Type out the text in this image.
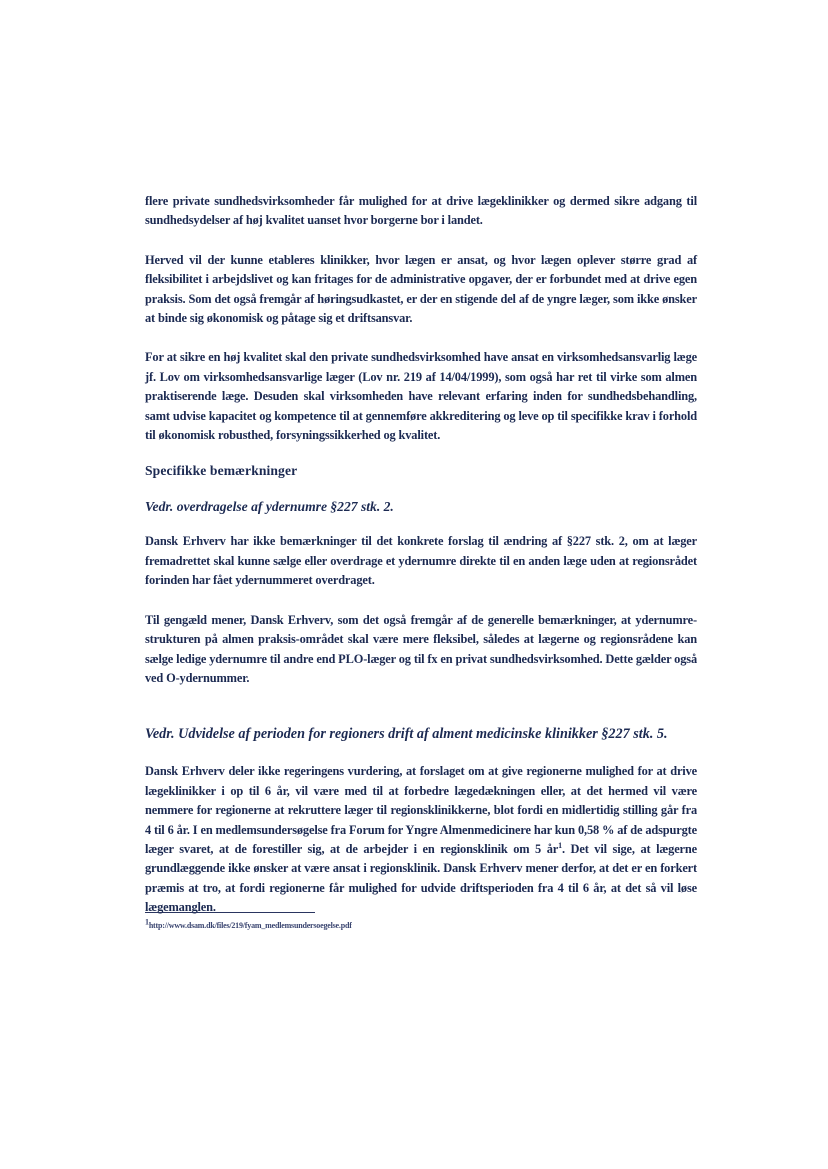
flere private sundhedsvirksomheder får mulighed for at drive lægeklinikker og dermed sikre adgang til sundhedsydelser af høj kvalitet uanset hvor borgerne bor i landet.

Herved vil der kunne etableres klinikker, hvor lægen er ansat, og hvor lægen oplever større grad af fleksibilitet i arbejdslivet og kan fritages for de administrative opgaver, der er forbundet med at drive egen praksis. Som det også fremgår af høringsudkastet, er der en stigende del af de yngre læger, som ikke ønsker at binde sig økonomisk og påtage sig et driftsansvar.

For at sikre en høj kvalitet skal den private sundhedsvirksomhed have ansat en virksomhedsansvarlig læge jf. Lov om virksomhedsansvarlige læger (Lov nr. 219 af 14/04/1999), som også har ret til virke som almen praktiserende læge. Desuden skal virksomheden have relevant erfaring inden for sundhedsbehandling, samt udvise kapacitet og kompetence til at gennemføre akkreditering og leve op til specifikke krav i forhold til økonomisk robusthed, forsyningssikkerhed og kvalitet.

Specifikke bemærkninger
Vedr. overdragelse af ydernumre §227 stk. 2.

Dansk Erhverv har ikke bemærkninger til det konkrete forslag til ændring af §227 stk. 2, om at læger fremadrettet skal kunne sælge eller overdrage et ydernumre direkte til en anden læge uden at regionsrådet forinden har fået ydernummeret overdraget.

Til gengæld mener, Dansk Erhverv, som det også fremgår af de generelle bemærkninger, at ydernumre-strukturen på almen praksis-området skal være mere fleksibel, således at lægerne og regionsrådene kan sælge ledige ydernumre til andre end PLO-læger og til fx en privat sundhedsvirksomhed. Dette gælder også ved O-ydernummer.

Vedr. Udvidelse af perioden for regioners drift af alment medicinske klinikker §227 stk. 5.

Dansk Erhverv deler ikke regeringens vurdering, at forslaget om at give regionerne mulighed for at drive lægeklinikker i op til 6 år, vil være med til at forbedre lægedækningen eller, at det hermed vil være nemmere for regionerne at rekruttere læger til regionsklinikkerne, blot fordi en midlertidig stilling går fra 4 til 6 år. I en medlemsundersøgelse fra Forum for Yngre Almenmedicinere har kun 0,58 % af de adspurgte læger svaret, at de forestiller sig, at de arbejder i en regionsklinik om 5 $år^1$. Det vil sige, at lægerne grundlæggende ikke ønsker at være ansat i regionsklinik. Dansk Erhverv mener derfor, at det er en forkert præmis at tro, at fordi regionerne får mulighed for udvide driftsperioden fra 4 til 6 år, at det så vil løse lægemanglen.

$^1$http://www.dsam.dk/files/219/fyam_medlemsundersoegelse.pdf
